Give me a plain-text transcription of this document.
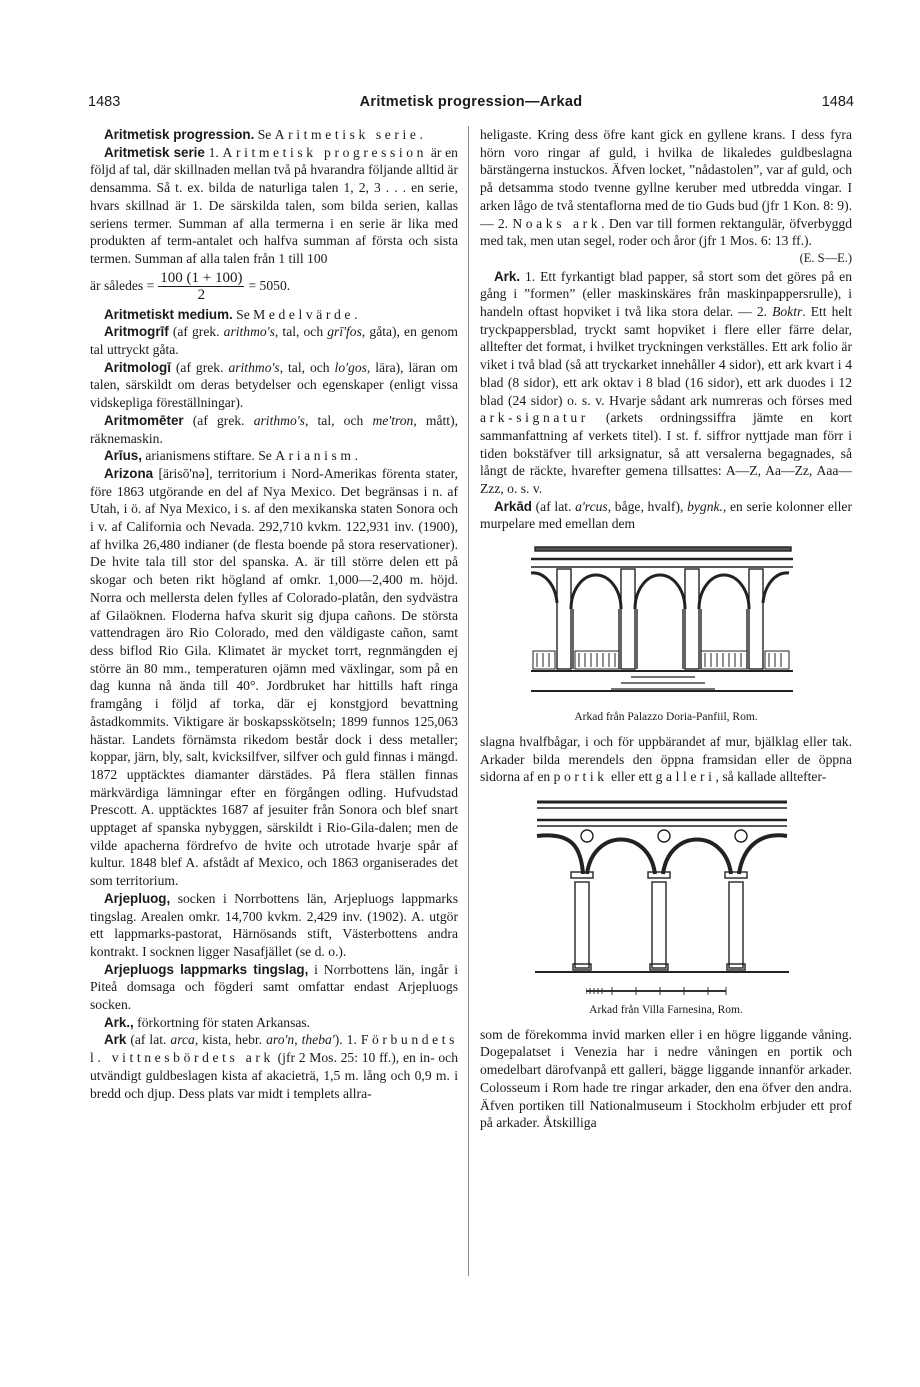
1483	Aritmetisk progression—Arkad	1484

Aritmetisk progression. Se Aritmetisk serie.

Aritmetisk serie 1. Aritmetisk progression är en följd af tal, där skillnaden mellan två på hvarandra följande alltid är densamma. Så t. ex. bilda de naturliga talen 1, 2, 3 . . . en serie, hvars skillnad är 1. De särskilda talen, som bilda serien, kallas seriens termer. Summan af alla termerna i en serie är lika med produkten af term-antalet och halfva summan af första och sista termen. Summan af alla talen från 1 till 100

är således = $\frac{100 (1 + 100)}{2} = 5050$.

Aritmetiskt medium. Se Medelvärde.

Aritmogrīf (af grek. arithmo's, tal, och grī'fos, gåta), en genom tal uttryckt gåta.

Aritmologī (af grek. arithmo's, tal, och lo'gos, lära), läran om talen, särskildt om deras betydelser och egenskaper (enligt vissa vidskepliga föreställningar).

Aritmomēter (af grek. arithmo's, tal, och me'tron, mått), räknemaskin.

Arīus, arianismens stiftare. Se Arianism.

Arizona [ärisō'nə], territorium i Nord-Amerikas förenta stater, före 1863 utgörande en del af Nya Mexico. Det begränsas i n. af Utah, i ö. af Nya Mexico, i s. af den mexikanska staten Sonora och i v. af California och Nevada. 292,710 kvkm. 122,931 inv. (1900), af hvilka 26,480 indianer (de flesta boende på stora reservationer). De hvite tala till stor del spanska. A. är till större delen ett på skogar och beten rikt högland af omkr. 1,000—2,400 m. höjd. Norra och mellersta delen fylles af Colorado-platån, den sydvästra af Gilaöknen. Floderna hafva skurit sig djupa cañons. De största vattendragen äro Rio Colorado, med den väldigaste cañon, samt dess biflod Rio Gila. Klimatet är mycket torrt, regnmängden ej större än 80 mm., temperaturen ojämn med växlingar, som på en dag kunna nå ända till 40°. Jordbruket har hittills haft ringa framgång i följd af torka, där ej konstgjord bevattning åstadkommits. Viktigare är boskapsskötseln; 1899 funnos 125,063 hästar. Landets förnämsta rikedom består dock i dess metaller; koppar, järn, bly, salt, kvicksilfver, silfver och guld finnas i mängd. 1872 upptäcktes diamanter därstädes. På flera ställen finnas märkvärdiga lämningar efter en förgången odling. Hufvudstad Prescott. A. upptäcktes 1687 af jesuiter från Sonora och blef snart upptaget af spanska nybyggen, särskildt i Rio-Gila-dalen; men de vilde apacherna fördrefvo de hvite och utrotade hvarje spår af kultur. 1848 blef A. afstådt af Mexico, och 1863 organiserades det som territorium.

Arjepluog, socken i Norrbottens län, Arjepluogs lappmarks tingslag. Arealen omkr. 14,700 kvkm. 2,429 inv. (1902). A. utgör ett lappmarks-pastorat, Härnösands stift, Västerbottens andra kontrakt. I socknen ligger Nasafjället (se d. o.).

Arjepluogs lappmarks tingslag, i Norrbottens län, ingår i Piteå domsaga och fögderi samt omfattar endast Arjepluogs socken.

Ark., förkortning för staten Arkansas.

Ark (af lat. arca, kista, hebr. aro'n, theba'). 1. Förbundets l. vittnesbördets ark (jfr 2 Mos. 25: 10 ff.), en in- och utvändigt guldbeslagen kista af akacieträ, 1,5 m. lång och 0,9 m. i bredd och djup. Dess plats var midt i templets allra-

heligaste. Kring dess öfre kant gick en gyllene krans. I dess fyra hörn voro ringar af guld, i hvilka de likaledes guldbeslagna bärstängerna instuckos. Äfven locket, ”nådastolen”, var af guld, och på detsamma stodo tvenne gyllne keruber med utbredda vingar. I arken lågo de två stentaflorna med de tio Guds bud (jfr 1 Kon. 8: 9). — 2. Noaks ark. Den var till formen rektangulär, öfverbyggd med tak, men utan segel, roder och åror (jfr 1 Mos. 6: 13 ff.).
(E. S—E.)

Ark. 1. Ett fyrkantigt blad papper, så stort som det göres på en gång i ”formen” (eller maskinskäres från maskinpappersrulle), i handeln oftast hopviket i två lika stora delar. — 2. Boktr. Ett helt tryckpappersblad, tryckt samt hopviket i flere eller färre delar, alltefter det format, i hvilket tryckningen verkställes. Ett ark folio är viket i två blad (så att tryckarket innehåller 4 sidor), ett ark kvart i 4 blad (8 sidor), ett ark oktav i 8 blad (16 sidor), ett ark duodes i 12 blad (24 sidor) o. s. v. Hvarje sådant ark numreras och förses med ark-signatur (arkets ordningssiffra jämte en kort sammanfattning af verkets titel). I st. f. siffror nyttjade man förr i tiden bokstäfver till arksignatur, så att versalerna begagnades, så långt de räckte, hvarefter gemena tillsattes: A—Z, Aa—Zz, Aaa—Zzz, o. s. v.

Arkād (af lat. a'rcus, båge, hvalf), bygnk., en serie kolonner eller murpelare med emellan dem

Arkad från Palazzo Doria-Panfiil, Rom.

slagna hvalfbågar, i och för uppbärandet af mur, bjälklag eller tak. Arkader bilda merendels den öppna framsidan eller de öppna sidorna af en portik eller ett galleri, så kallade alltefter-

Arkad från Villa Farnesina, Rom.

som de förekomma invid marken eller i en högre liggande våning. Dogepalatset i Venezia har i nedre våningen en portik och omedelbart därofvanpå ett galleri, bägge liggande innanför arkader. Colosseum i Rom hade tre ringar arkader, den ena öfver den andra. Äfven portiken till Nationalmuseum i Stockholm erbjuder ett prof på arkader. Åtskilliga
